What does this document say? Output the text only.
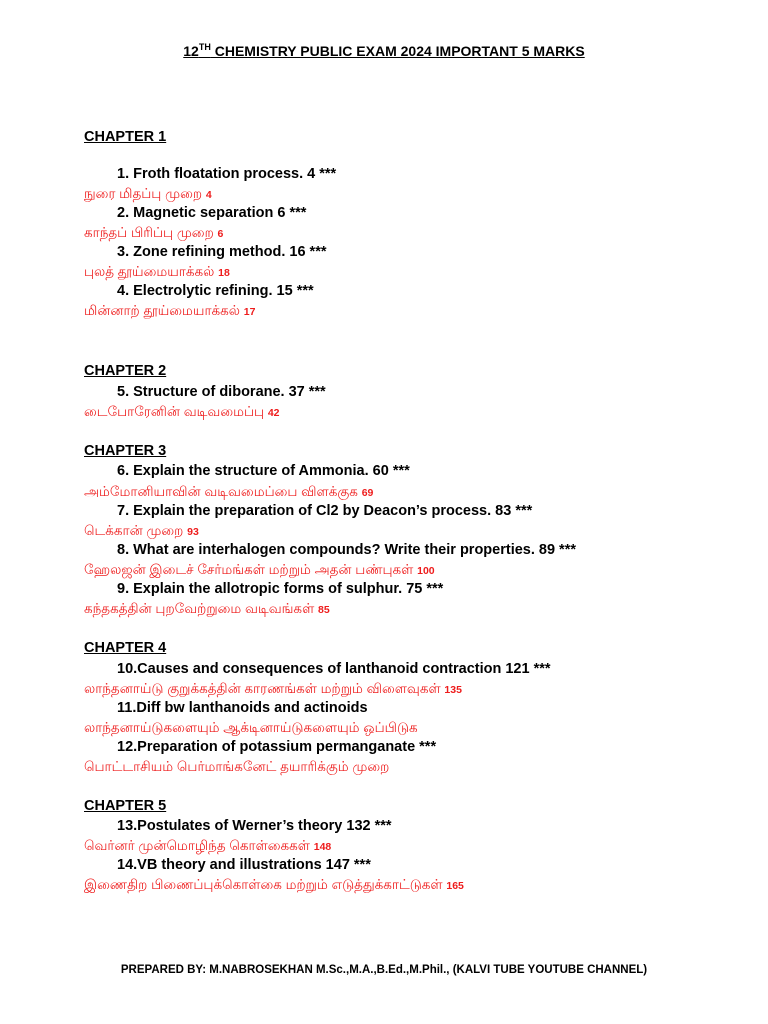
12TH CHEMISTRY PUBLIC EXAM 2024 IMPORTANT 5 MARKS
CHAPTER 1
1. Froth floatation process. 4 ***
நுரை மிதப்பு முறை 4
2. Magnetic separation 6 ***
காந்தப் பிரிப்பு முறை 6
3. Zone refining method. 16 ***
புலத் தூய்மையாக்கல் 18
4. Electrolytic refining. 15 ***
மின்னாற் தூய்மையாக்கல் 17
CHAPTER 2
5. Structure of diborane. 37 ***
டைபோரேனின் வடிவமைப்பு 42
CHAPTER 3
6. Explain the structure of Ammonia. 60 ***
அம்மோனியாவின் வடிவமைப்பை விளக்குக 69
7. Explain the preparation of Cl2 by Deacon’s process. 83 ***
டெக்கான் முறை 93
8. What are interhalogen compounds? Write their properties. 89 ***
ஹேலஜன் இடைச் சேர்மங்கள் மற்றும் அதன் பண்புகள் 100
9. Explain the allotropic forms of sulphur. 75 ***
கந்தகத்தின் புறவேற்றுமை வடிவங்கள் 85
CHAPTER 4
10.Causes and consequences of lanthanoid contraction 121 ***
லாந்தனாய்டு குறுக்கத்தின் காரணங்கள் மற்றும் விளைவுகள் 135
11.Diff bw lanthanoids and actinoids
லாந்தனாய்டுகளையும் ஆக்டினாய்டுகளையும் ஒப்பிடுக
12.Preparation of potassium permanganate ***
பொட்டாசியம் பெர்மாங்கனேட் தயாரிக்கும் முறை
CHAPTER 5
13.Postulates of Werner’s theory 132 ***
வெர்னர் முன்மொழிந்த கொள்கைகள் 148
14.VB theory and illustrations 147 ***
இணைதிற பிணைப்புக்கொள்கை மற்றும் எடுத்துக்காட்டுகள் 165
PREPARED BY: M.NABROSEKHAN M.Sc.,M.A.,B.Ed.,M.Phil., (KALVI TUBE YOUTUBE CHANNEL)
